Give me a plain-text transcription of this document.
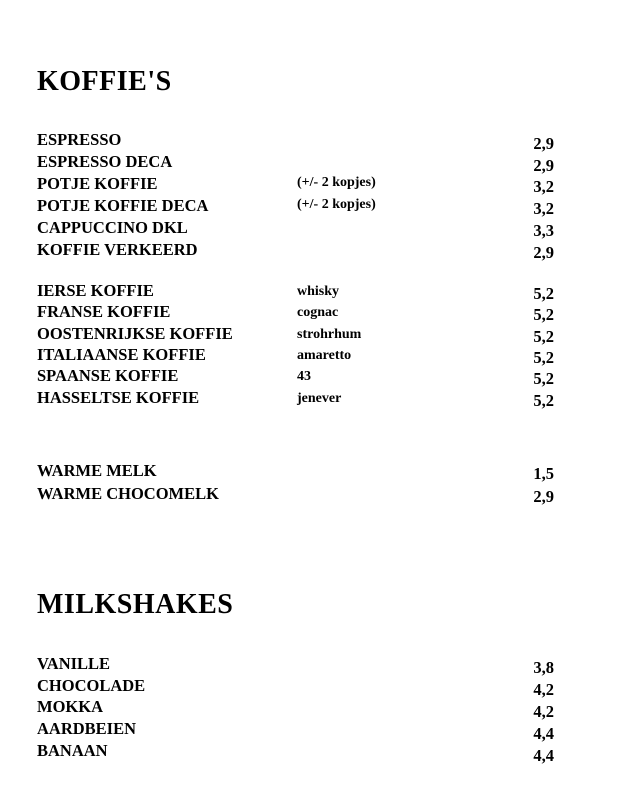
KOFFIE'S
ESPRESSO	2,9
ESPRESSO DECA	2,9
POTJE KOFFIE	(+/- 2 kopjes)	3,2
POTJE KOFFIE DECA	(+/- 2 kopjes)	3,2
CAPPUCCINO DKL	3,3
KOFFIE VERKEERD	2,9
IERSE KOFFIE	whisky	5,2
FRANSE KOFFIE	cognac	5,2
OOSTENRIJKSE KOFFIE	strohrhum	5,2
ITALIAANSE KOFFIE	amaretto	5,2
SPAANSE KOFFIE	43	5,2
HASSELTSE KOFFIE	jenever	5,2
WARME MELK	1,5
WARME CHOCOMELK	2,9
MILKSHAKES
VANILLE	3,8
CHOCOLADE	4,2
MOKKA	4,2
AARDBEIEN	4,4
BANAAN	4,4
